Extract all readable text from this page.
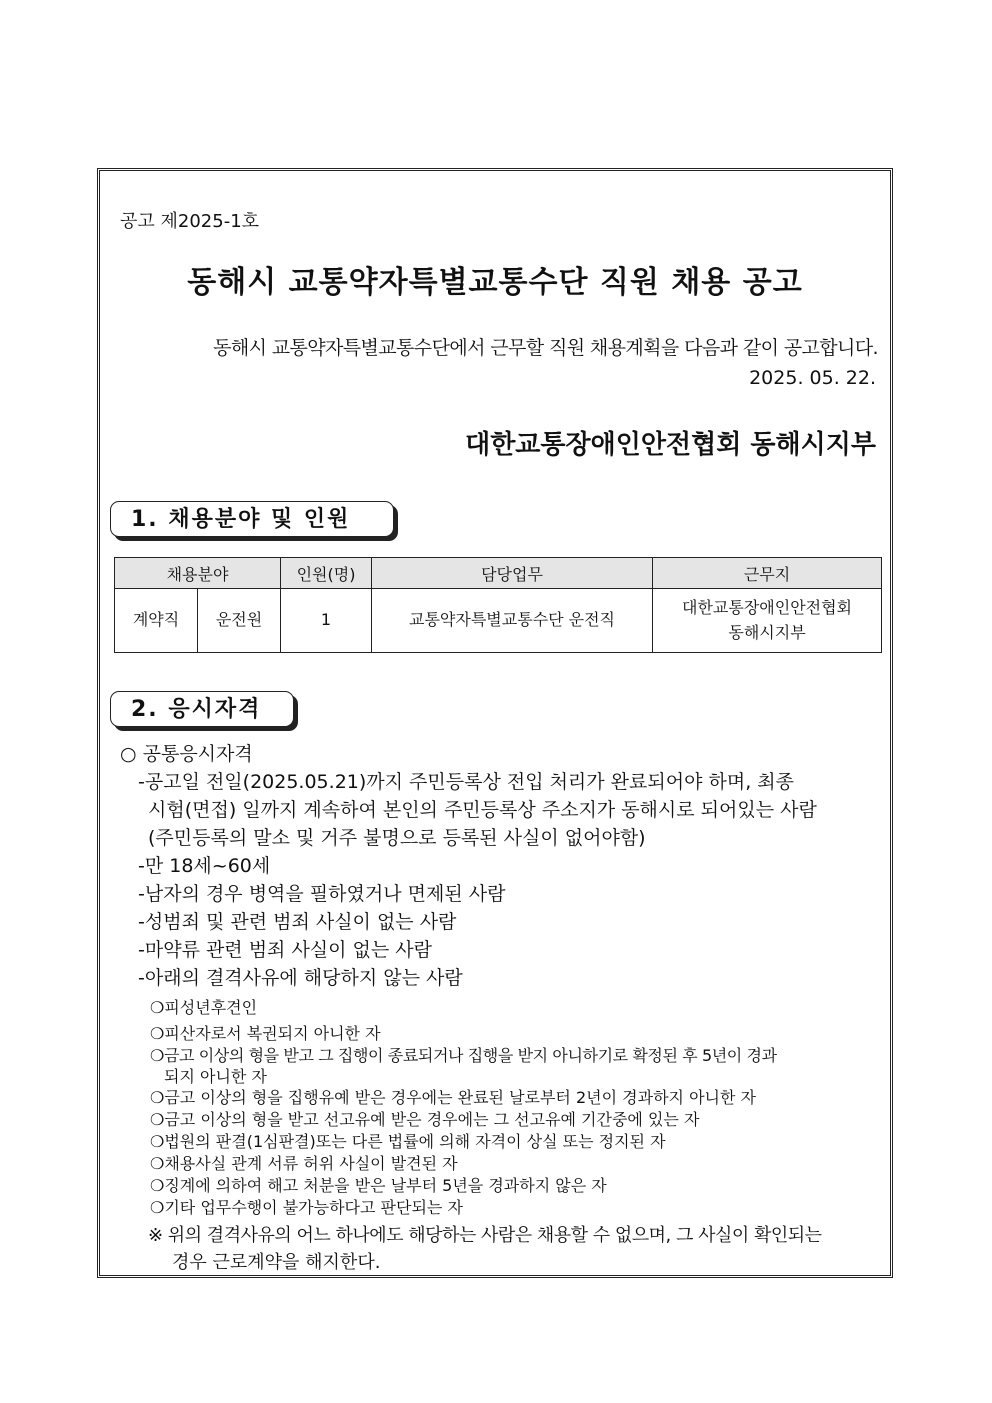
공고 제2025-1호
동해시 교통약자특별교통수단 직원 채용 공고
동해시 교통약자특별교통수단에서 근무할 직원 채용계획을 다음과 같이 공고합니다.
2025. 05. 22.
대한교통장애인안전협회 동해시지부
1. 채용분야 및 인원
채용분야		인원(명)	담당업무	근무지
계약직	운전원	1	교통약자특별교통수단 운전직	대한교통장애인안전협회
동해시지부
2. 응시자격
○ 공통응시자격
-공고일 전일(2025.05.21)까지 주민등록상 전입 처리가 완료되어야 하며, 최종
시험(면접) 일까지 계속하여 본인의 주민등록상 주소지가 동해시로 되어있는 사람
(주민등록의 말소 및 거주 불명으로 등록된 사실이 없어야함)
-만 18세~60세
-남자의 경우 병역을 필하였거나 면제된 사람
-성범죄 및 관련 범죄 사실이 없는 사람
-마약류 관련 범죄 사실이 없는 사람
-아래의 결격사유에 해당하지 않는 사람
❍피성년후견인
❍피산자로서 복권되지 아니한 자
❍금고 이상의 형을 받고 그 집행이 종료되거나 집행을 받지 아니하기로 확정된 후 5년이 경과
되지 아니한 자
❍금고 이상의 형을 집행유예 받은 경우에는 완료된 날로부터 2년이 경과하지 아니한 자
❍금고 이상의 형을 받고 선고유예 받은 경우에는 그 선고유예 기간중에 있는 자
❍법원의 판결(1심판결)또는 다른 법률에 의해 자격이 상실 또는 정지된 자
❍채용사실 관계 서류 허위 사실이 발견된 자
❍징계에 의하여 해고 처분을 받은 날부터 5년을 경과하지 않은 자
❍기타 업무수행이 불가능하다고 판단되는 자
※ 위의 결격사유의 어느 하나에도 해당하는 사람은 채용할 수 없으며, 그 사실이 확인되는
경우 근로계약을 해지한다.
